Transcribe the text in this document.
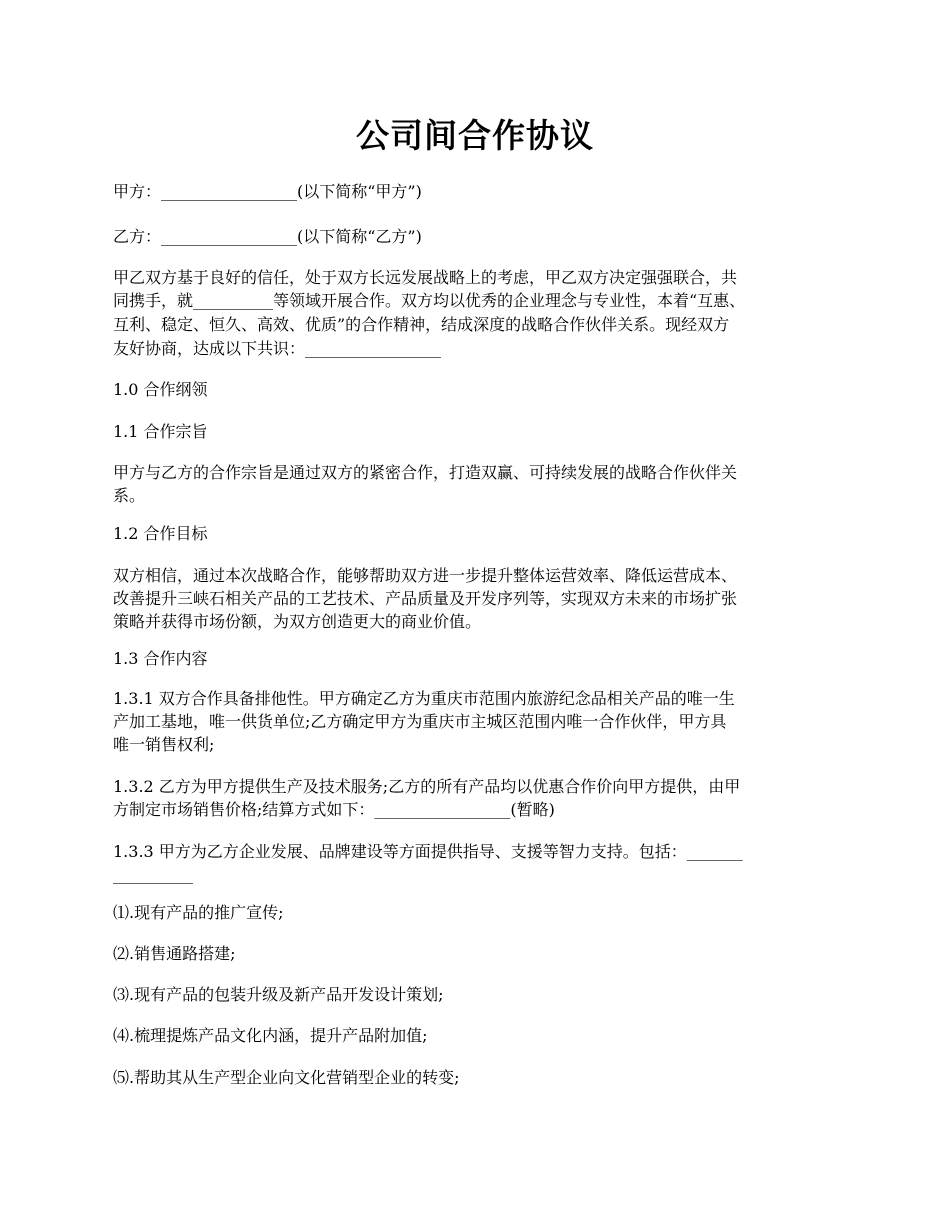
公司间合作协议
甲方：_________________(以下简称“甲方”)
乙方：_________________(以下简称“乙方”)
甲乙双方基于良好的信任，处于双方长远发展战略上的考虑，甲乙双方决定强强联合，共
同携手，就__________等领域开展合作。双方均以优秀的企业理念与专业性，本着“互惠、
互利、稳定、恒久、高效、优质”的合作精神，结成深度的战略合作伙伴关系。现经双方
友好协商，达成以下共识：_________________
1.0 合作纲领
1.1 合作宗旨
甲方与乙方的合作宗旨是通过双方的紧密合作，打造双赢、可持续发展的战略合作伙伴关
系。
1.2 合作目标
双方相信，通过本次战略合作，能够帮助双方进一步提升整体运营效率、降低运营成本、
改善提升三峡石相关产品的工艺技术、产品质量及开发序列等，实现双方未来的市场扩张
策略并获得市场份额，为双方创造更大的商业价值。
1.3 合作内容
1.3.1 双方合作具备排他性。甲方确定乙方为重庆市范围内旅游纪念品相关产品的唯一生
产加工基地，唯一供货单位;乙方确定甲方为重庆市主城区范围内唯一合作伙伴，甲方具
唯一销售权利;
1.3.2 乙方为甲方提供生产及技术服务;乙方的所有产品均以优惠合作价向甲方提供，由甲
方制定市场销售价格;结算方式如下：_________________(暂略)
1.3.3 甲方为乙方企业发展、品牌建设等方面提供指导、支援等智力支持。包括：_______
__________
⑴.现有产品的推广宣传;
⑵.销售通路搭建;
⑶.现有产品的包装升级及新产品开发设计策划;
⑷.梳理提炼产品文化内涵，提升产品附加值;
⑸.帮助其从生产型企业向文化营销型企业的转变;
